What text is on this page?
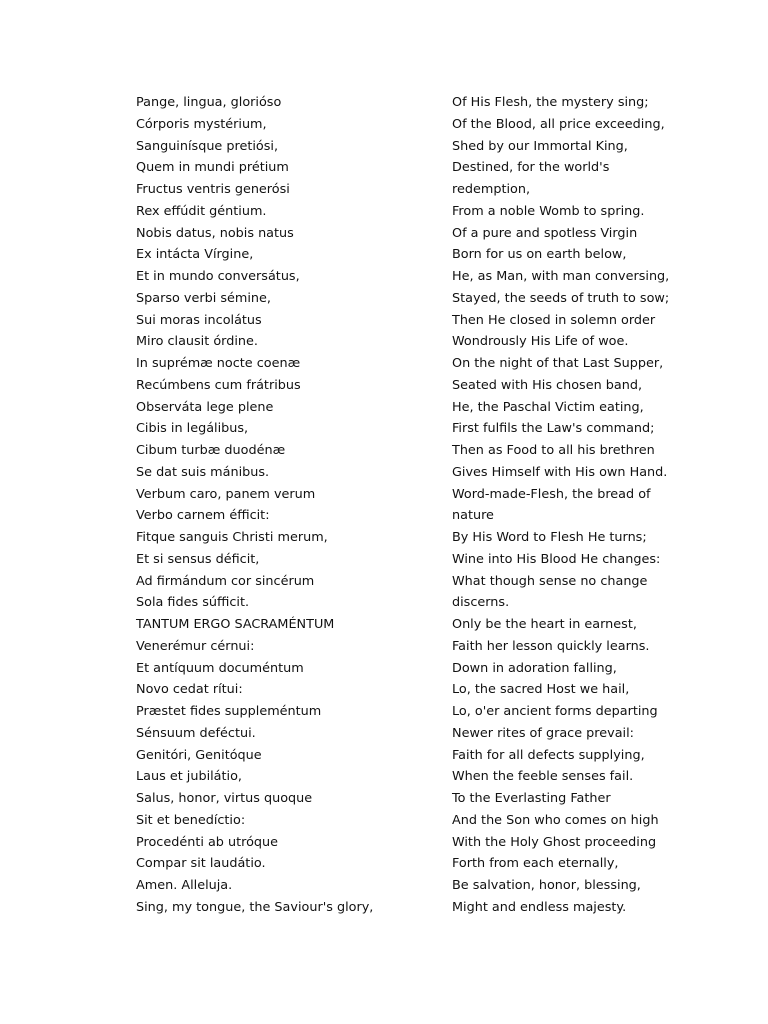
Pange, lingua, glorióso
Córporis mystérium,
Sanguinísque pretiósi,
Quem in mundi prétium
Fructus ventris generósi
Rex effúdit géntium.
Nobis datus, nobis natus
Ex intácta Vírgine,
Et in mundo conversátus,
Sparso verbi sémine,
Sui moras incolátus
Miro clausit órdine.
In suprémæ nocte coenæ
Recúmbens cum frátribus
Observáta lege plene
Cibis in legálibus,
Cibum turbæ duodénæ
Se dat suis mánibus.
Verbum caro, panem verum
Verbo carnem éfficit:
Fitque sanguis Christi merum,
Et si sensus déficit,
Ad firmándum cor sincérum
Sola fides súfficit.
TANTUM ERGO SACRAMÉNTUM
Venerémur cérnui:
Et antíquum documéntum
Novo cedat rítui:
Præstet fides suppleméntum
Sénsuum deféctui.
Genitóri, Genitóque
Laus et jubilátio,
Salus, honor, virtus quoque
Sit et benedíctio:
Procedénti ab utróque
Compar sit laudátio.
Amen. Alleluja.
Sing, my tongue, the Saviour's glory,
Of His Flesh, the mystery sing;
Of the Blood, all price exceeding,
Shed by our Immortal King,
Destined, for the world's
redemption,
From a noble Womb to spring.
Of a pure and spotless Virgin
Born for us on earth below,
He, as Man, with man conversing,
Stayed, the seeds of truth to sow;
Then He closed in solemn order
Wondrously His Life of woe.
On the night of that Last Supper,
Seated with His chosen band,
He, the Paschal Victim eating,
First fulfils the Law's command;
Then as Food to all his brethren
Gives Himself with His own Hand.
Word-made-Flesh, the bread of
nature
By His Word to Flesh He turns;
Wine into His Blood He changes:
What though sense no change
discerns.
Only be the heart in earnest,
Faith her lesson quickly learns.
Down in adoration falling,
Lo, the sacred Host we hail,
Lo, o'er ancient forms departing
Newer rites of grace prevail:
Faith for all defects supplying,
When the feeble senses fail.
To the Everlasting Father
And the Son who comes on high
With the Holy Ghost proceeding
Forth from each eternally,
Be salvation, honor, blessing,
Might and endless majesty.
